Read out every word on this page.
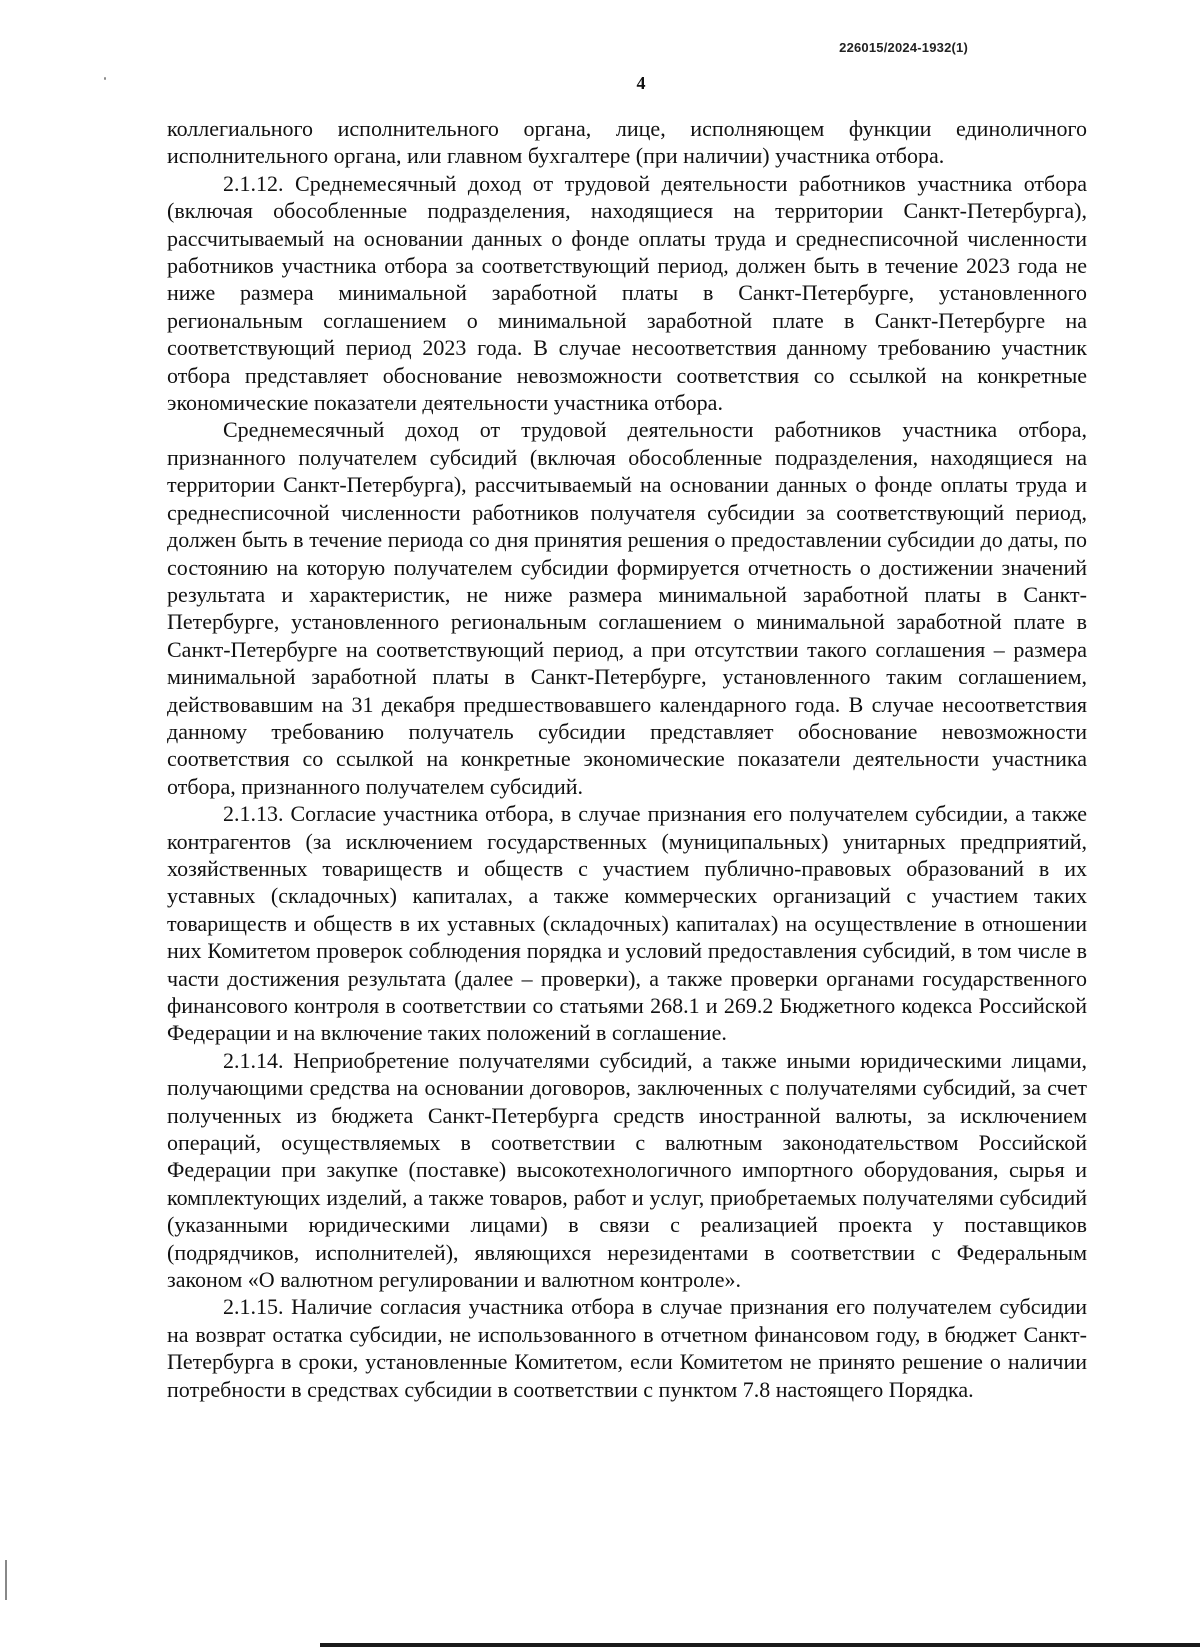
226015/2024-1932(1)
4

коллегиального исполнительного органа, лице, исполняющем функции единоличного исполнительного органа, или главном бухгалтере (при наличии) участника отбора.

2.1.12. Среднемесячный доход от трудовой деятельности работников участника отбора (включая обособленные подразделения, находящиеся на территории Санкт-Петербурга), рассчитываемый на основании данных о фонде оплаты труда и среднесписочной численности работников участника отбора за соответствующий период, должен быть в течение 2023 года не ниже размера минимальной заработной платы в Санкт-Петербурге, установленного региональным соглашением о минимальной заработной плате в Санкт-Петербурге на соответствующий период 2023 года. В случае несоответствия данному требованию участник отбора представляет обоснование невозможности соответствия со ссылкой на конкретные экономические показатели деятельности участника отбора.

Среднемесячный доход от трудовой деятельности работников участника отбора, признанного получателем субсидий (включая обособленные подразделения, находящиеся на территории Санкт-Петербурга), рассчитываемый на основании данных о фонде оплаты труда и среднесписочной численности работников получателя субсидии за соответствующий период, должен быть в течение периода со дня принятия решения о предоставлении субсидии до даты, по состоянию на которую получателем субсидии формируется отчетность о достижении значений результата и характеристик, не ниже размера минимальной заработной платы в Санкт-Петербурге, установленного региональным соглашением о минимальной заработной плате в Санкт-Петербурге на соответствующий период, а при отсутствии такого соглашения – размера минимальной заработной платы в Санкт-Петербурге, установленного таким соглашением, действовавшим на 31 декабря предшествовавшего календарного года. В случае несоответствия данному требованию получатель субсидии представляет обоснование невозможности соответствия со ссылкой на конкретные экономические показатели деятельности участника отбора, признанного получателем субсидий.

2.1.13. Согласие участника отбора, в случае признания его получателем субсидии, а также контрагентов (за исключением государственных (муниципальных) унитарных предприятий, хозяйственных товариществ и обществ с участием публично-правовых образований в их уставных (складочных) капиталах, а также коммерческих организаций с участием таких товариществ и обществ в их уставных (складочных) капиталах) на осуществление в отношении них Комитетом проверок соблюдения порядка и условий предоставления субсидий, в том числе в части достижения результата (далее – проверки), а также проверки органами государственного финансового контроля в соответствии со статьями 268.1 и 269.2 Бюджетного кодекса Российской Федерации и на включение таких положений в соглашение.

2.1.14. Неприобретение получателями субсидий, а также иными юридическими лицами, получающими средства на основании договоров, заключенных с получателями субсидий, за счет полученных из бюджета Санкт-Петербурга средств иностранной валюты, за исключением операций, осуществляемых в соответствии с валютным законодательством Российской Федерации при закупке (поставке) высокотехнологичного импортного оборудования, сырья и комплектующих изделий, а также товаров, работ и услуг, приобретаемых получателями субсидий (указанными юридическими лицами) в связи с реализацией проекта у поставщиков (подрядчиков, исполнителей), являющихся нерезидентами в соответствии с Федеральным законом «О валютном регулировании и валютном контроле».

2.1.15. Наличие согласия участника отбора в случае признания его получателем субсидии на возврат остатка субсидии, не использованного в отчетном финансовом году, в бюджет Санкт-Петербурга в сроки, установленные Комитетом, если Комитетом не принято решение о наличии потребности в средствах субсидии в соответствии с пунктом 7.8 настоящего Порядка.
